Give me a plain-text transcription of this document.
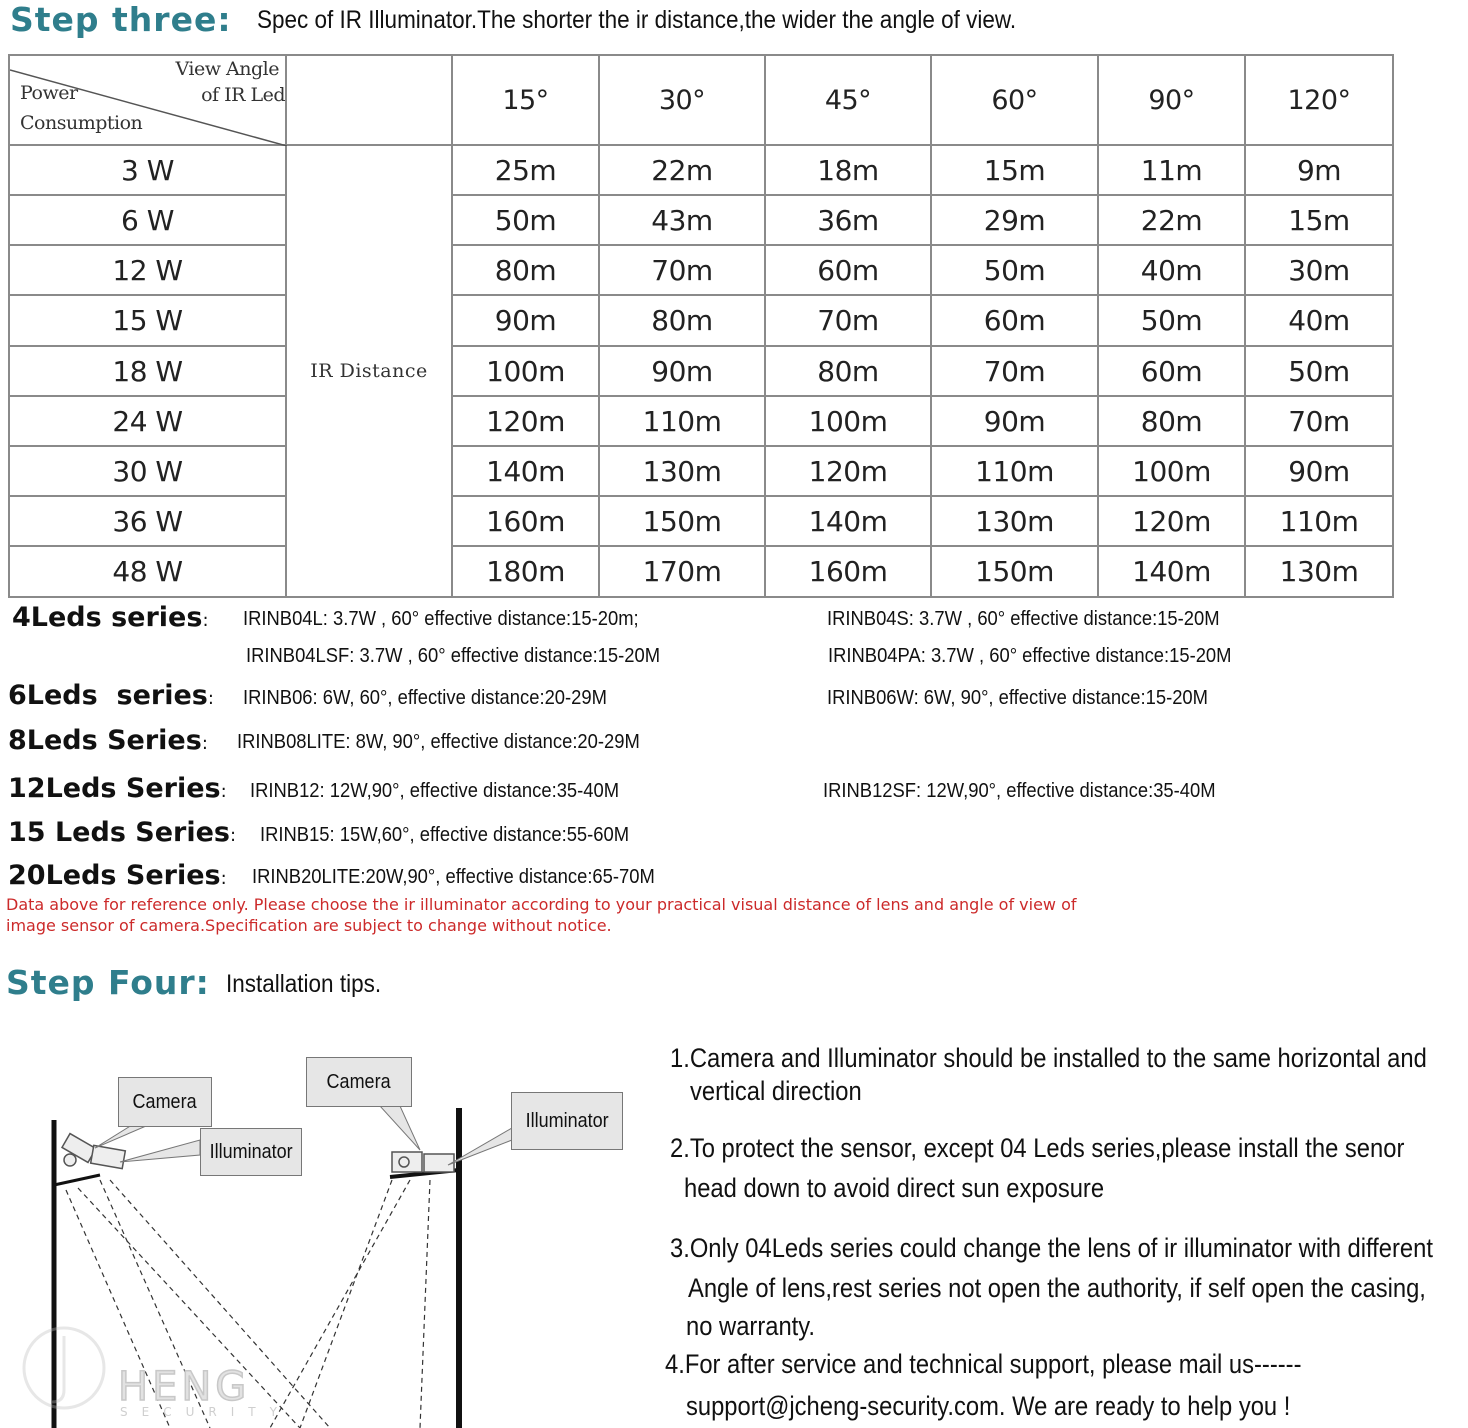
Step three: Spec of IR Illuminator.The shorter the ir distance,the wider the angle of view.
View Angle
of IR Led
Power
Consumption		15°	30°	45°	60°	90°	120°
3 W	IR Distance	25m	22m	18m	15m	11m	9m
6 W		50m	43m	36m	29m	22m	15m
12 W		80m	70m	60m	50m	40m	30m
15 W		90m	80m	70m	60m	50m	40m
18 W		100m	90m	80m	70m	60m	50m
24 W		120m	110m	100m	90m	80m	70m
30 W		140m	130m	120m	110m	100m	90m
36 W		160m	150m	140m	130m	120m	110m
48 W		180m	170m	160m	150m	140m	130m
4Leds series: IRINB04L: 3.7W , 60° effective distance:15-20m;	IRINB04S: 3.7W , 60° effective distance:15-20M
IRINB04LSF: 3.7W , 60° effective distance:15-20M	IRINB04PA: 3.7W , 60° effective distance:15-20M
6Leds  series: IRINB06: 6W, 60°, effective distance:20-29M	IRINB06W: 6W, 90°, effective distance:15-20M
8Leds Series: IRINB08LITE: 8W, 90°, effective distance:20-29M
12Leds Series: IRINB12: 12W,90°, effective distance:35-40M	IRINB12SF: 12W,90°, effective distance:35-40M
15 Leds Series: IRINB15: 15W,60°, effective distance:55-60M
20Leds Series: IRINB20LITE:20W,90°, effective distance:65-70M
Data above for reference only. Please choose the ir illuminator according to your practical visual distance of lens and angle of view of
image sensor of camera.Specification are subject to change without notice.
Step Four: Installation tips.
HENG
SECURITY
Camera
Illuminator
Camera
Illuminator
1.Camera and Illuminator should be installed to the same horizontal and
vertical direction
2.To protect the sensor, except 04 Leds series,please install the senor
head down to avoid direct sun exposure
3.Only 04Leds series could change the lens of ir illuminator with different
Angle of lens,rest series not open the authority, if self open the casing,
no warranty.
4.For after service and technical support, please mail us------
support@jcheng-security.com. We are ready to help you !
